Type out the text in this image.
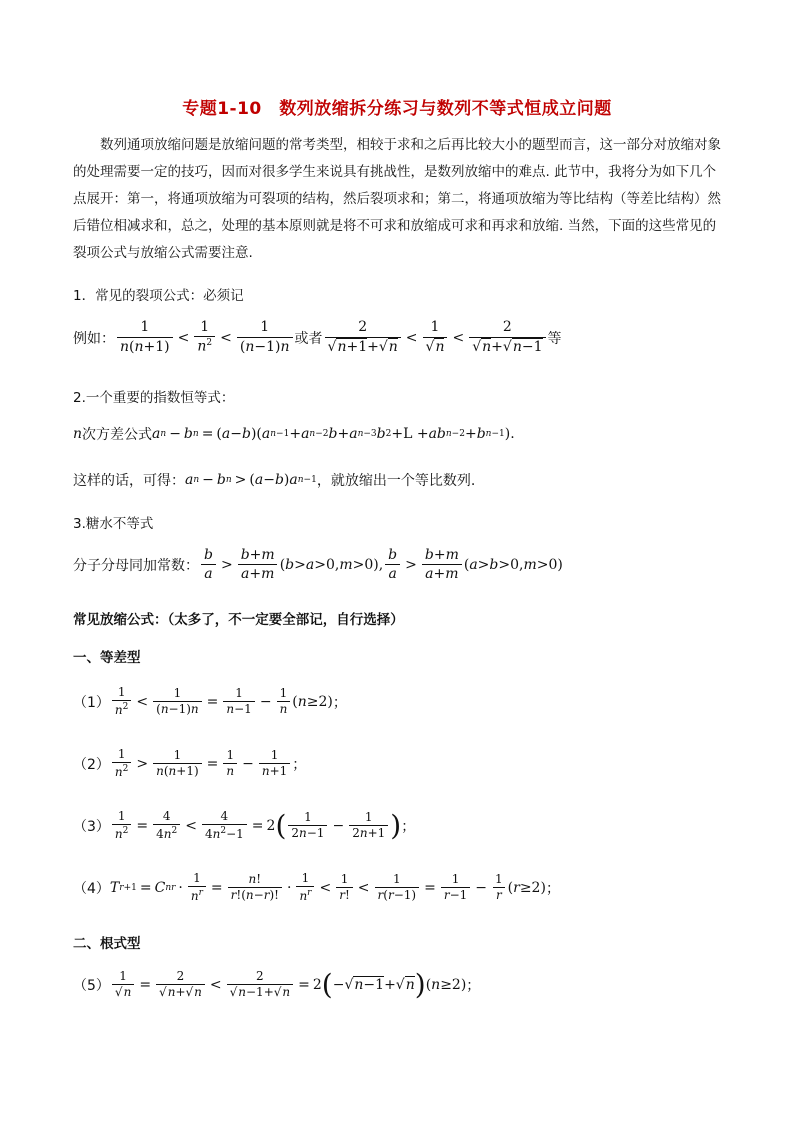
专题1-10　数列放缩拆分练习与数列不等式恒成立问题
数列通项放缩问题是放缩问题的常考类型，相较于求和之后再比较大小的题型而言，这一部分对放缩对象的处理需要一定的技巧，因而对很多学生来说具有挑战性，是数列放缩中的难点. 此节中，我将分为如下几个点展开：第一，将通项放缩为可裂项的结构，然后裂项求和；第二，将通项放缩为等比结构（等差比结构）然后错位相减求和，总之，处理的基本原则就是将不可求和放缩成可求和再求和放缩. 当然，下面的这些常见的裂项公式与放缩公式需要注意.
1．常见的裂项公式：必须记
例如： $\frac{1}{n(n+1)} < \frac{1}{n^2} < \frac{1}{(n-1)n}$ 或者 $\frac{2}{√n+1+√n} < \frac{1}{√n} < \frac{2}{√n+√n-1}$ 等
2.一个重要的指数恒等式：
n 次方差公式 a n − b n = ( a − b )( a n−1 + a n−2 b + a n−3 b 2 +L + ab n−2 + b n−1 ).
这样的话，可得： a n − b n > ( a − b ) a n−1 ，就放缩出一个等比数列.
3.糖水不等式
分子分母同加常数： $\frac{b}{a} > \frac{b+m}{a+m}$ ( b > a >0, m >0), $\frac{b}{a} > \frac{b+m}{a+m}$ ( a > b >0, m >0)
常见放缩公式：（太多了，不一定要全部记，自行选择）
一、等差型
$(1) \frac{1}{n^2} < \frac{1}{(n-1)n} = \frac{1}{n-1} - \frac{1}{n}$ ( n ≥2) ；
$(2) \frac{1}{n^2} > \frac{1}{n(n+1)} = \frac{1}{n} - \frac{1}{n+1}$ ；
$(3) \frac{1}{n^2} = \frac{4}{4n^2} < \frac{4}{4n^2-1} = 2$ ( $\frac{1}{2n-1} - \frac{1}{2n+1}$ ) ；
（4） T r+1 = C n $r \cdot \frac{1}{n^r} = \frac{n!}{r!(n-r)!} \cdot \frac{1}{n^r} < \frac{1}{r!} < \frac{1}{r(r-1)} = \frac{1}{r-1} - \frac{1}{r}$ ( r ≥2) ；
二、根式型
$(5) \frac{1}{√n} = \frac{2}{√n+√n} < \frac{2}{√n-1+√n} = 2$ ( −√ n−1 +√ n ) ( n ≥2) ；
